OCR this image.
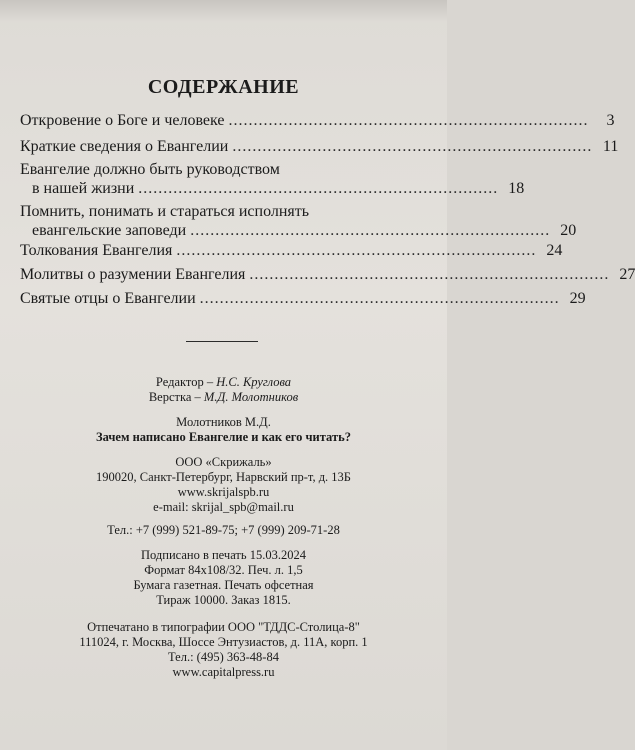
СОДЕРЖАНИЕ
Откровение о Боге и человеке ........................................................................	3
Краткие сведения о Евангелии ........................................................................ 11
Евангелие должно быть руководством
в нашей жизни ........................................................................ 18
Помнить, понимать и стараться исполнять
евангельские заповеди ........................................................................ 20
Толкования Евангелия ........................................................................ 24
Молитвы о разумении Евангелия ........................................................................ 27
Святые отцы о Евангелии ........................................................................ 29
Редактор – Н.С. Круглова
Верстка – М.Д. Молотников
Молотников М.Д.
Зачем написано Евангелие и как его читать?
ООО «Скрижаль»
190020, Санкт-Петербург, Нарвский пр-т, д. 13Б
www.skrijalspb.ru
e-mail: skrijal_spb@mail.ru
Тел.: +7 (999) 521-89-75; +7 (999) 209-71-28
Подписано в печать 15.03.2024
Формат 84х108/32. Печ. л. 1,5
Бумага газетная. Печать офсетная
Тираж 10000. Заказ 1815.
Отпечатано в типографии ООО "ТДДС-Столица-8"
111024, г. Москва, Шоссе Энтузиастов, д. 11А, корп. 1
Тел.: (495) 363-48-84
www.capitalpress.ru
